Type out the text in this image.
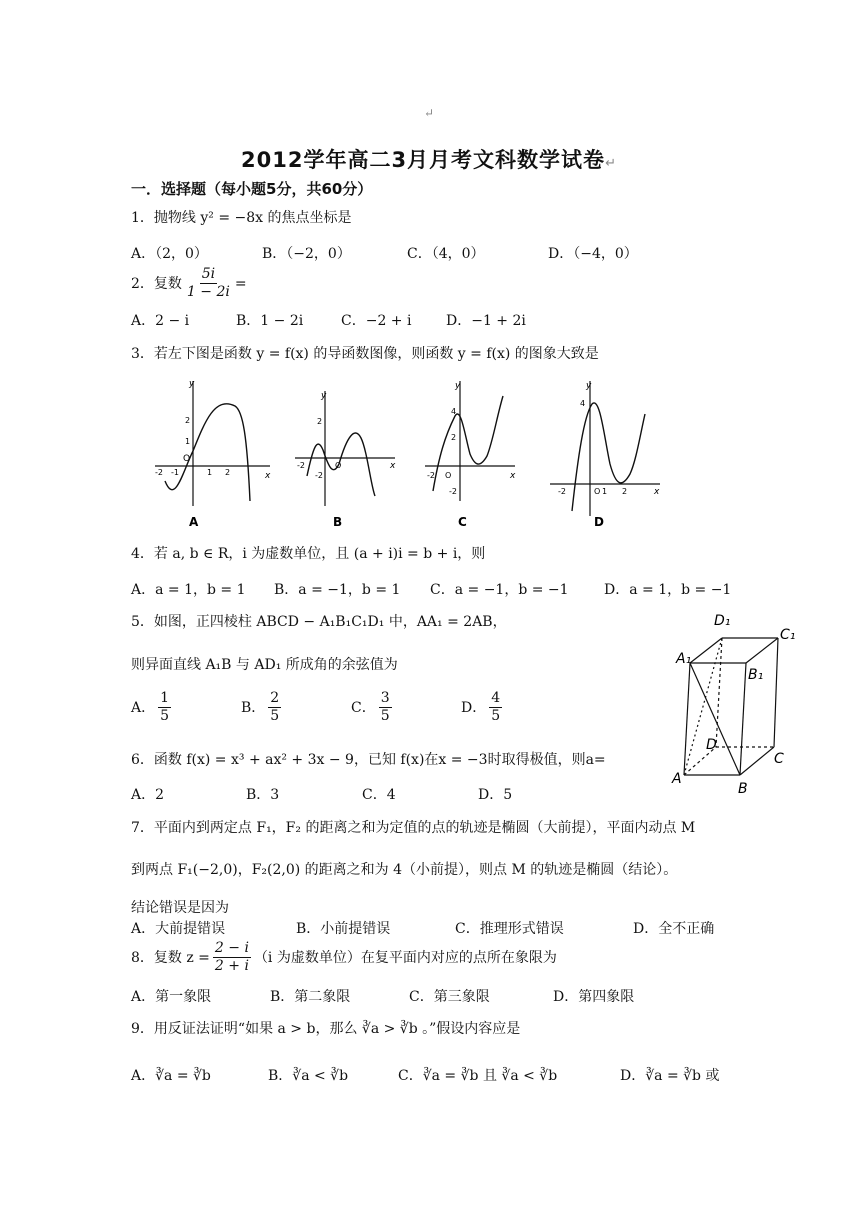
↵
2012学年高二3月月考文科数学试卷↵
一．选择题（每小题5分，共60分）
1．抛物线 y² = −8x 的焦点坐标是
A．（2，0）	B．（−2，0）	C．（4，0）	D．（−4，0）
2．复数 $\frac{5i}{1 - 2i}$ =
A．2 − i	B．1 − 2i	C．−2 + i D．−1 + 2i
3．若左下图是函数 y = f(x) 的导函数图像，则函数 y = f(x) 的图象大致是
y
x
O
-2 -1	1 2
2
1
A
y
x
-2	O
2
-2
B
y
x
-2 O
4
2
-2
C
y
x
-2	O 1 2
4
D
4．若 a, b ∈ R，i 为虚数单位，且 (a + i)i = b + i，则
A．a = 1，b = 1 B．a = −1，b = 1 C．a = −1，b = −1	D．a = 1，b = −1
5．如图，正四棱柱 ABCD − A₁B₁C₁D₁ 中，AA₁ = 2AB，
则异面直线 A₁B 与 AD₁ 所成角的余弦值为
A． $\frac{1}{5}$	B． $\frac{2}{5}$	C． $\frac{3}{5}$	D． $\frac{4}{5}$
D₁
C₁
A₁
B₁
D
C
A
B
6．函数 f(x) = x³ + ax² + 3x − 9，已知 f(x)在x = −3时取得极值，则a=
A．2	B．3	C．4	D．5
7．平面内到两定点 F₁，F₂ 的距离之和为定值的点的轨迹是椭圆（大前提），平面内动点 M
到两点 F₁(−2,0)，F₂(2,0) 的距离之和为 4（小前提），则点 M 的轨迹是椭圆（结论）。
结论错误是因为
A．大前提错误	B．小前提错误	C．推理形式错误	D．全不正确
8．复数 $z = \frac{2 - i}{2 + i} (i$ 为虚数单位）在复平面内对应的点所在象限为
A．第一象限	B．第二象限	C．第三象限	D．第四象限
9．用反证法证明“如果 a > b，那么 ∛a > ∛b 。”假设内容应是
A．∛a = ∛b	B．∛a < ∛b	C．∛a = ∛b 且 ∛a < ∛b	D．∛a = ∛b 或
